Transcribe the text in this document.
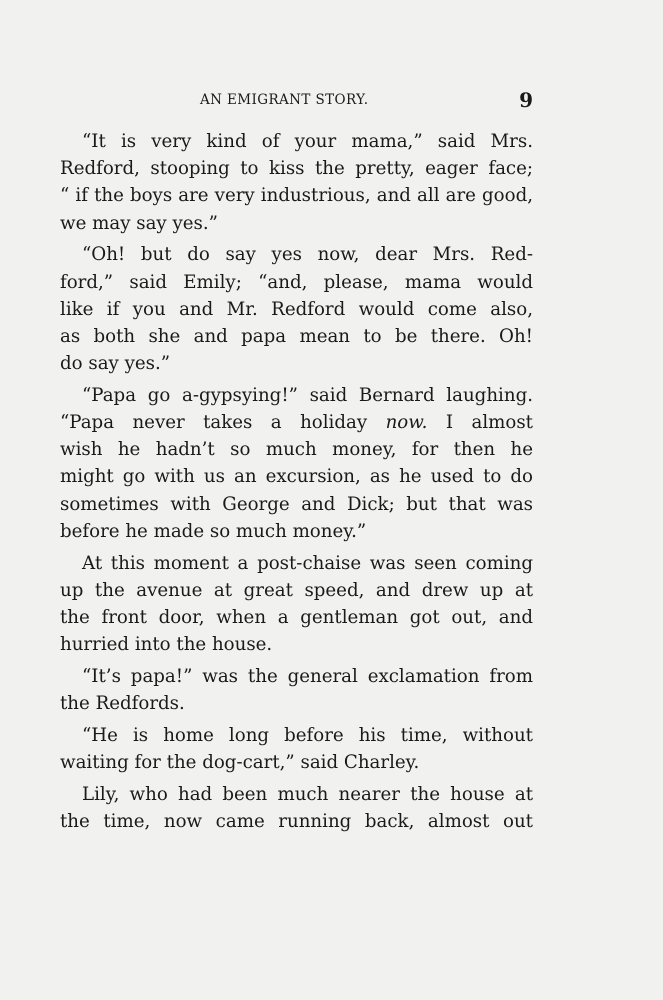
AN EMIGRANT STORY.	9
“It is very kind of your mama,” said Mrs.
Redford, stooping to kiss the pretty, eager face;
“ if the boys are very industrious, and all are good,
we may say yes.”
“Oh! but do say yes now, dear Mrs. Red-
ford,” said Emily; “and, please, mama would
like if you and Mr. Redford would come also,
as both she and papa mean to be there. Oh!
do say yes.”
“Papa go a-gypsying!” said Bernard laughing.
“Papa never takes a holiday now. I almost
wish he hadn’t so much money, for then he
might go with us an excursion, as he used to do
sometimes with George and Dick; but that was
before he made so much money.”
At this moment a post-chaise was seen coming
up the avenue at great speed, and drew up at
the front door, when a gentleman got out, and
hurried into the house.
“It’s papa!” was the general exclamation from
the Redfords.
“He is home long before his time, without
waiting for the dog-cart,” said Charley.
Lily, who had been much nearer the house at
the time, now came running back, almost out
